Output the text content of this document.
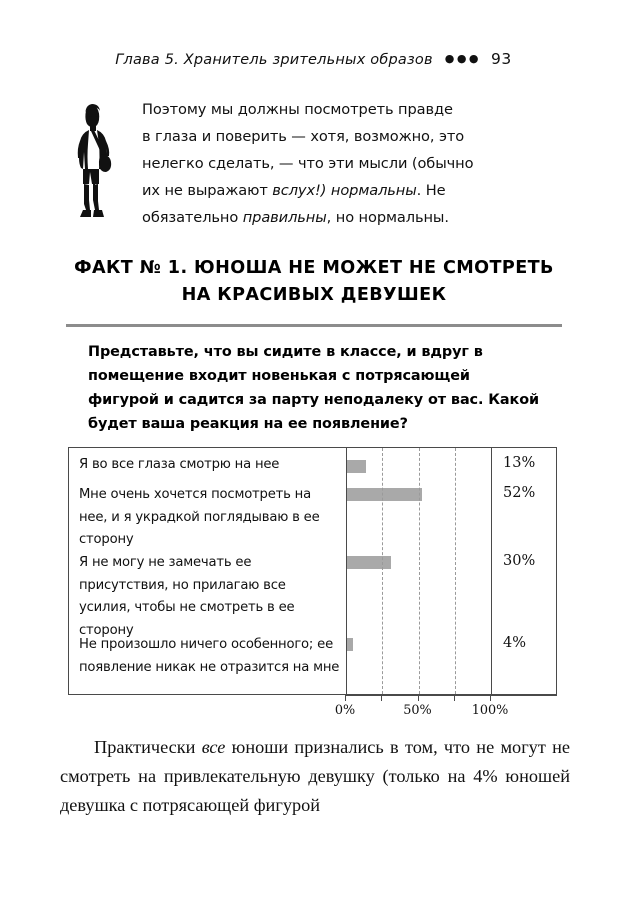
Глава 5. Хранитель зрительных образов ●●● 93
Поэтому мы должны посмотреть правде
в глаза и поверить — хотя, возможно, это
нелегко сделать, — что эти мысли (обычно
их не выражают вслух!) нормальны. Не
обязательно правильны, но нормальны.
ФАКТ № 1. ЮНОША НЕ МОЖЕТ НЕ СМОТРЕТЬ
НА КРАСИВЫХ ДЕВУШЕК
Представьте, что вы сидите в классе, и вдруг в помещение входит новенькая с потрясающей фигурой и садится за парту неподалеку от вас. Какой будет ваша реакция на ее появление?
Я во все глаза смотрю на нее	13%
Мне очень хочется посмотреть на нее, и я украдкой поглядываю в ее сторону
52%
Я не могу не замечать ее присутствия, но прилагаю все усилия, чтобы не смотреть в ее сторону
30%
Не произошло ничего особенного; ее появление никак не отразится на мне
4%
0%	50%	100%
Практически все юноши признались в том, что не могут не смотреть на привлекательную девушку (только на 4% юношей девушка с потрясающей фигурой
